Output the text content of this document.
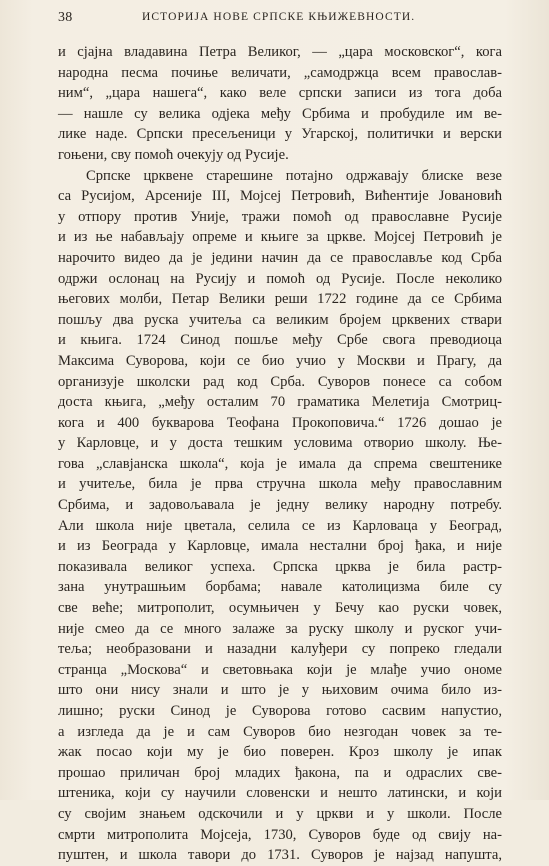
38	ИСТОРИЈА НОВЕ СРПСКЕ КЊИЖЕВНОСТИ.
и сјајна владавина Петра Великог, — „цара московског“, кога
народна песма почиње величати, „самодржца всем православ-
ним“, „цара нашега“, како веле српски записи из тога доба
— нашле су велика одјека међу Србима и пробудиле им ве-
лике наде. Српски пресељеници у Угарској, политички и верски
гоњени, сву помоћ очекују од Русије.
Српске црквене старешине потајно одржавају блиске везе
са Русијом, Арсеније III, Мојсеј Петровић, Вићентије Јовановић
у отпору против Уније, тражи помоћ од православне Русије
и из ње набављају опреме и књиге за цркве. Мојсеј Петровић је
нарочито видео да је једини начин да се православље код Срба
одржи ослонац на Русију и помоћ од Русије. После неколико
његових молби, Петар Велики реши 1722 године да се Србима
пошљу два руска учитеља са великим бројем црквених ствари
и књига. 1724 Синод пошље међу Србе свога преводиоца
Максима Суворова, који се био учио у Москви и Прагу, да
организује школски рад код Срба. Суворов понесе са собом
доста књига, „међу осталим 70 граматика Мелетија Смотриц-
кога и 400 букварова Теофана Прокоповича.“ 1726 дошао је
у Карловце, и у доста тешким условима отворио школу. Ње-
гова „славјанска школа“, која је имала да спрема свештенике
и учитеље, била је прва стручна школа међу православним
Србима, и задовољавала је једну велику народну потребу.
Али школа није цветала, селила се из Карловаца у Београд,
и из Београда у Карловце, имала нестални број ђака, и није
показивала великог успеха. Српска црква је била растр-
зана унутрашњим борбама; навале католицизма биле су
све веће; митрополит, осумњичен у Бечу као руски човек,
није смео да се много залаже за руску школу и руског учи-
теља; необразовани и назадни калуђери су попреко гледали
странца „Москова“ и световњака који је млађе учио ономе
што они нису знали и што је у њиховим очима било из-
лишно; руски Синод је Суворова готово сасвим напустио,
а изгледа да је и сам Суворов био незгодан човек за те-
жак посао који му је био поверен. Кроз школу је ипак
прошао приличан број младих ђакона, па и одраслих све-
штеника, који су научили словенски и нешто латински, и који
су својим знањем одскочили и у цркви и у школи. После
смрти митрополита Мојсеја, 1730, Суворов буде од свију на-
пуштен, и школа тавори до 1731. Суворов је најзад напушта,
